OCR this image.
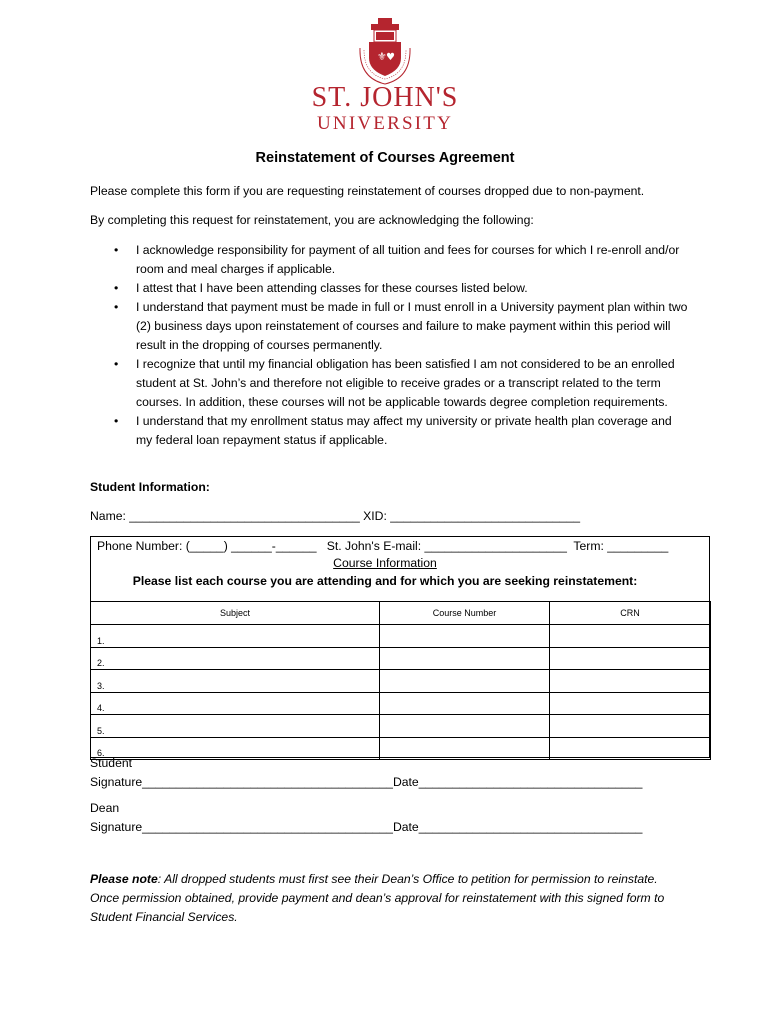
⚜ ♥
ST. JOHN'S
UNIVERSITY
Reinstatement of Courses Agreement
Please complete this form if you are requesting reinstatement of courses dropped due to non-payment.
By completing this request for reinstatement, you are acknowledging the following:
• I acknowledge responsibility for payment of all tuition and fees for courses for which I re-enroll and/or room and meal charges if applicable.
• I attest that I have been attending classes for these courses listed below.
• I understand that payment must be made in full or I must enroll in a University payment plan within two (2) business days upon reinstatement of courses and failure to make payment within this period will result in the dropping of courses permanently.
• I recognize that until my financial obligation has been satisfied I am not considered to be an enrolled student at St. John’s and therefore not eligible to receive grades or a transcript related to the term courses. In addition, these courses will not be applicable towards degree completion requirements.
• I understand that my enrollment status may affect my university or private health plan coverage and my federal loan repayment status if applicable.
Student Information:
Name: __________________________________ XID: ____________________________
Phone Number: (_____) ______-______   St. John's E-mail: _____________________  Term: _________
Course Information
Please list each course you are attending and for which you are seeking reinstatement:
Subject	Course Number	CRN
1.		
2.		
3.		
4.		
5.		
6.		
Student
Signature_____________________________________Date_________________________________
Dean
Signature_____________________________________Date_________________________________
Please note: All dropped students must first see their Dean’s Office to petition for permission to reinstate. Once permission obtained, provide payment and dean’s approval for reinstatement with this signed form to Student Financial Services.
